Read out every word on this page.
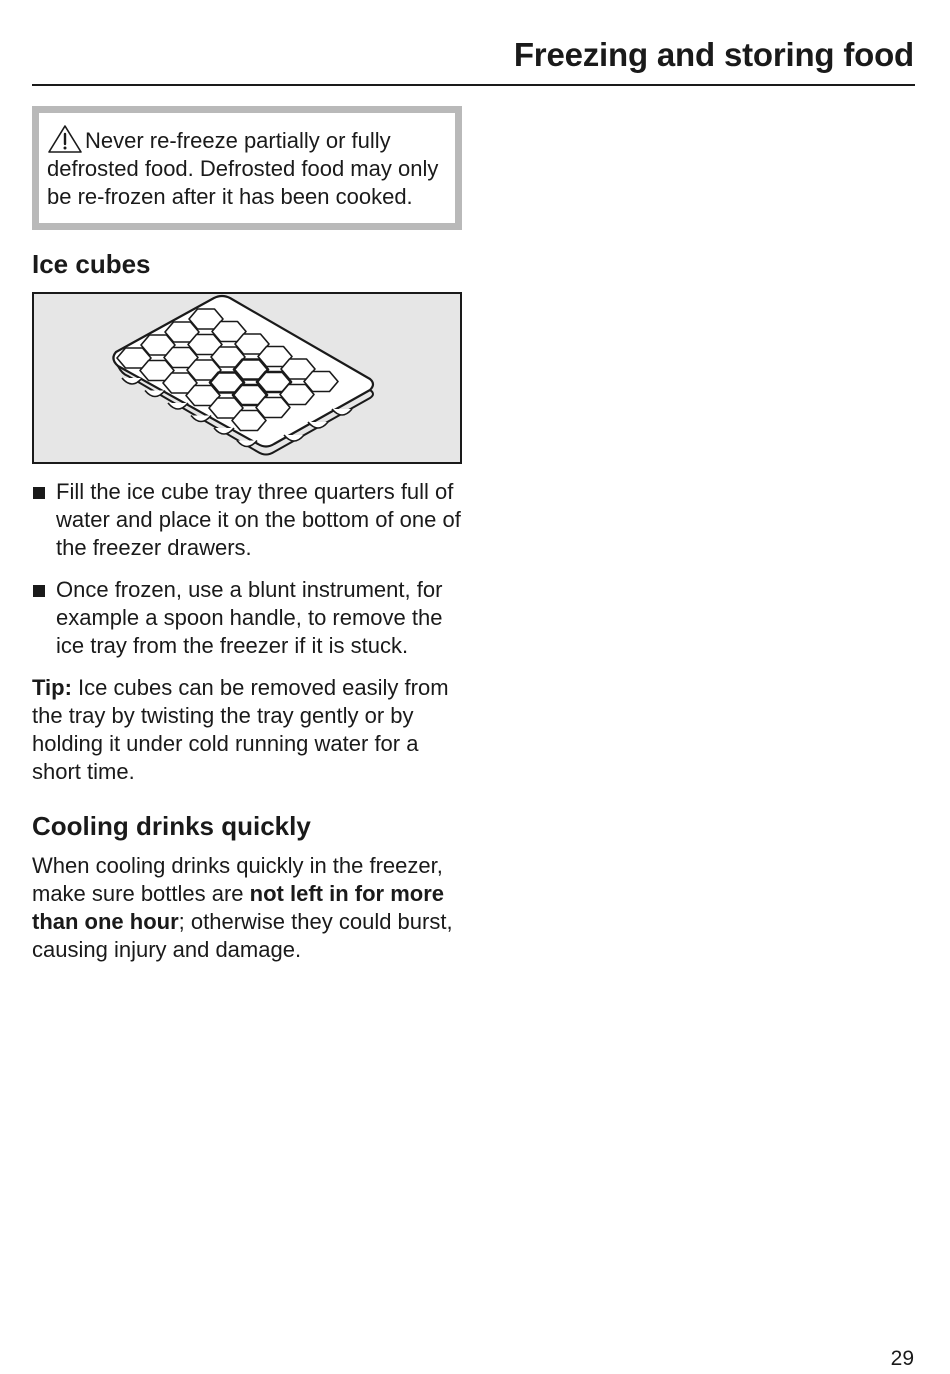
Freezing and storing food
Never re-freeze partially or fully defrosted food. Defrosted food may only be re-frozen after it has been cooked.
Ice cubes
Fill the ice cube tray three quarters full of water and place it on the bottom of one of the freezer drawers.
Once frozen, use a blunt instrument, for example a spoon handle, to remove the ice tray from the freezer if it is stuck.

Tip: Ice cubes can be removed easily from the tray by twisting the tray gently or by holding it under cold running water for a short time.

Cooling drinks quickly

When cooling drinks quickly in the freezer, make sure bottles are not left in for more than one hour; otherwise they could burst, causing injury and damage.

29
